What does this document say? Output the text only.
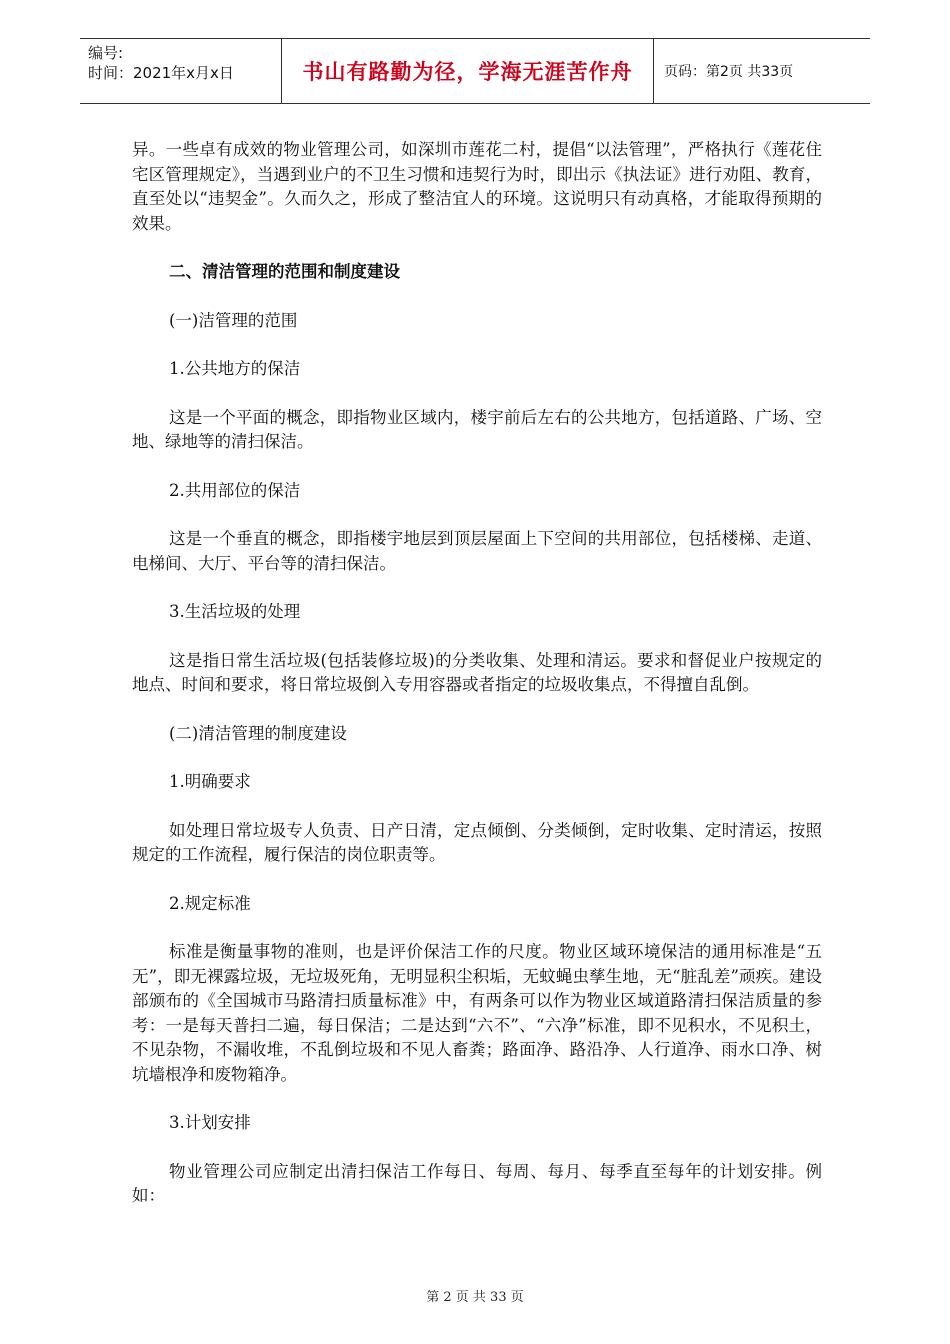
编号:
时间：2021年x月x日	书山有路勤为径，学海无涯苦作舟	页码：第2页 共33页

异。一些卓有成效的物业管理公司，如深圳市莲花二村，提倡“以法管理”，严格执行《莲花住宅区管理规定》，当遇到业户的不卫生习惯和违契行为时，即出示《执法证》进行劝阻、教育，直至处以“违契金”。久而久之，形成了整洁宜人的环境。这说明只有动真格，才能取得预期的效果。

二、清洁管理的范围和制度建设

(一)洁管理的范围

1.公共地方的保洁

这是一个平面的概念，即指物业区域内，楼宇前后左右的公共地方，包括道路、广场、空地、绿地等的清扫保洁。

2.共用部位的保洁

这是一个垂直的概念，即指楼宇地层到顶层屋面上下空间的共用部位，包括楼梯、走道、电梯间、大厅、平台等的清扫保洁。

3.生活垃圾的处理

这是指日常生活垃圾(包括装修垃圾)的分类收集、处理和清运。要求和督促业户按规定的地点、时间和要求，将日常垃圾倒入专用容器或者指定的垃圾收集点，不得擅自乱倒。

(二)清洁管理的制度建设

1.明确要求

如处理日常垃圾专人负责、日产日清，定点倾倒、分类倾倒，定时收集、定时清运，按照规定的工作流程，履行保洁的岗位职责等。

2.规定标准

标准是衡量事物的准则，也是评价保洁工作的尺度。物业区域环境保洁的通用标准是“五无”，即无裸露垃圾，无垃圾死角，无明显积尘积垢，无蚊蝇虫孳生地，无“脏乱差”顽疾。建设部颁布的《全国城市马路清扫质量标准》中，有两条可以作为物业区域道路清扫保洁质量的参考：一是每天普扫二遍，每日保洁；二是达到“六不”、“六净”标准，即不见积水，不见积土，不见杂物，不漏收堆，不乱倒垃圾和不见人畜粪；路面净、路沿净、人行道净、雨水口净、树坑墙根净和废物箱净。

3.计划安排

物业管理公司应制定出清扫保洁工作每日、每周、每月、每季直至每年的计划安排。例如：

第 2 页 共 33 页
